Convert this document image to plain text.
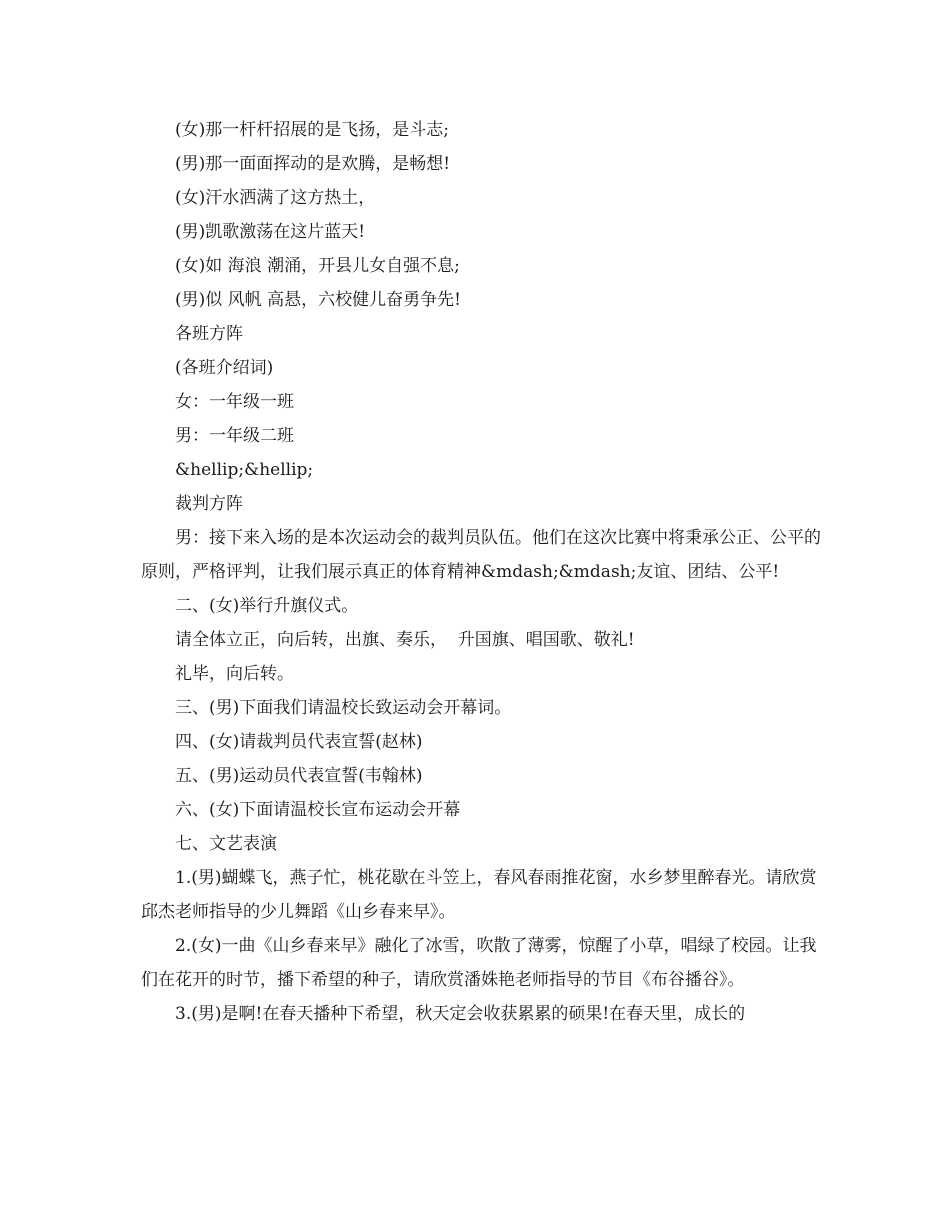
(女)那一杆杆招展的是飞扬，是斗志;

(男)那一面面挥动的是欢腾，是畅想!

(女)汗水洒满了这方热土，

(男)凯歌激荡在这片蓝天!

(女)如 海浪 潮涌，开县儿女自强不息;

(男)似 风帆 高悬，六校健儿奋勇争先!

各班方阵

(各班介绍词)

女：一年级一班

男：一年级二班

&hellip;&hellip;

裁判方阵

男：接下来入场的是本次运动会的裁判员队伍。他们在这次比赛中将秉承公正、公平的原则，严格评判，让我们展示真正的体育精神&mdash;&mdash;友谊、团结、公平!

二、(女)举行升旗仪式。

请全体立正，向后转，出旗、奏乐，  升国旗、唱国歌、敬礼!

礼毕，向后转。

三、(男)下面我们请温校长致运动会开幕词。

四、(女)请裁判员代表宣誓(赵林)

五、(男)运动员代表宣誓(韦翰林)

六、(女)下面请温校长宣布运动会开幕

七、文艺表演

1.(男)蝴蝶飞，燕子忙，桃花歇在斗笠上，春风春雨推花窗，水乡梦里醉春光。请欣赏邱杰老师指导的少儿舞蹈《山乡春来早》。

2.(女)一曲《山乡春来早》融化了冰雪，吹散了薄雾，惊醒了小草，唱绿了校园。让我们在花开的时节，播下希望的种子，请欣赏潘姝艳老师指导的节目《布谷播谷》。

3.(男)是啊!在春天播种下希望，秋天定会收获累累的硕果!在春天里，成长的
